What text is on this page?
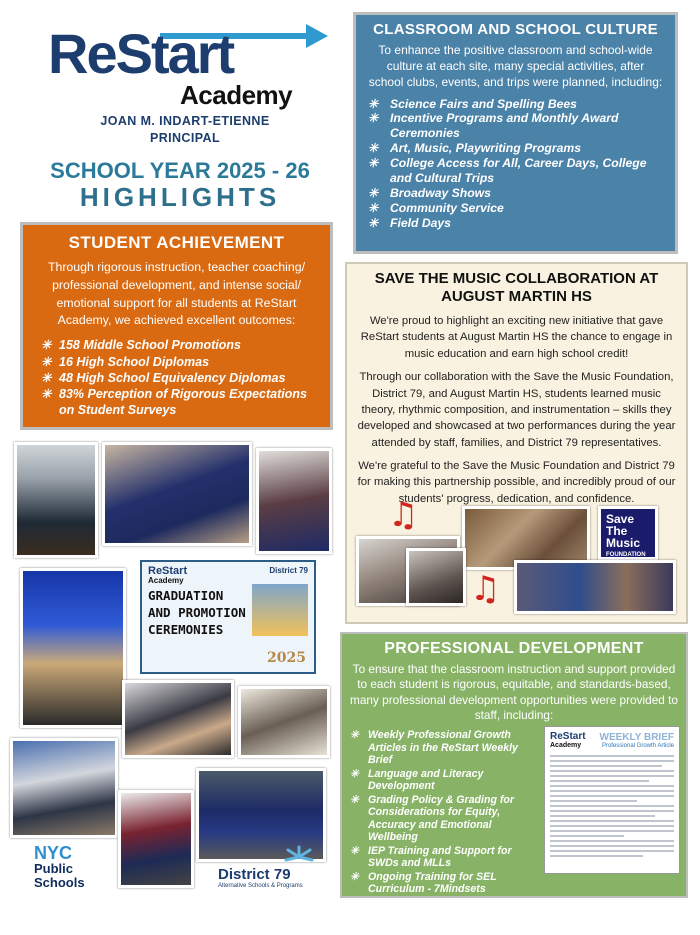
ReStart
Academy
JOAN M. INDART-ETIENNE
PRINCIPAL
SCHOOL YEAR 2025 - 26
HIGHLIGHTS
STUDENT ACHIEVEMENT

Through rigorous instruction, teacher coaching/ professional development, and intense social/ emotional support for all students at ReStart Academy, we achieved excellent outcomes:

✳ 158 Middle School Promotions
✳ 16 High School Diplomas
✳ 48 High School Equivalency Diplomas
✳ 83% Perception of Rigorous Expectations on Student Surveys
CLASSROOM AND SCHOOL CULTURE

To enhance the positive classroom and school-wide culture at each site, many special activities, after school clubs, events, and trips were planned, including:

✳ Science Fairs and Spelling Bees
✳ Incentive Programs and Monthly Award Ceremonies
✳ Art, Music, Playwriting Programs
✳ College Access for All, Career Days, College and Cultural Trips
✳ Broadway Shows
✳ Community Service
✳ Field Days
SAVE THE MUSIC COLLABORATION AT AUGUST MARTIN HS

We're proud to highlight an exciting new initiative that gave ReStart students at August Martin HS the chance to engage in music education and earn high school credit!

Through our collaboration with the Save the Music Foundation, District 79, and August Martin HS, students learned music theory, rhythmic composition, and instrumentation – skills they developed and showcased at two performances during the year attended by staff, families, and District 79 representatives.

We're grateful to the Save the Music Foundation and District 79 for making this partnership possible, and incredibly proud of our students' progress, dedication, and confidence.

♫	Save
The
Music
FOUNDATION
♫
PROFESSIONAL DEVELOPMENT

To ensure that the classroom instruction and support provided to each student is rigorous, equitable, and standards-based, many professional development opportunities were provided to staff, including:

✳ Weekly Professional Growth Articles in the ReStart Weekly Brief
✳ Language and Literacy Development
✳ Grading Policy & Grading for Considerations for Equity, Accuracy and Emotional Wellbeing
✳ IEP Training and Support for SWDs and MLLs
✳ Ongoing Training for SEL Curriculum - 7Mindsets
✳ Digital Learning and Leveraging AI Tools
✳ Math Coaching
ReStart
Academy
WEEKLY BRIEF
Professional Growth Article
ReStart
Academy
District 79
GRADUATION AND PROMOTION CEREMONIES
2025
NYC
Public
Schools	District 79
Alternative Schools & Programs
